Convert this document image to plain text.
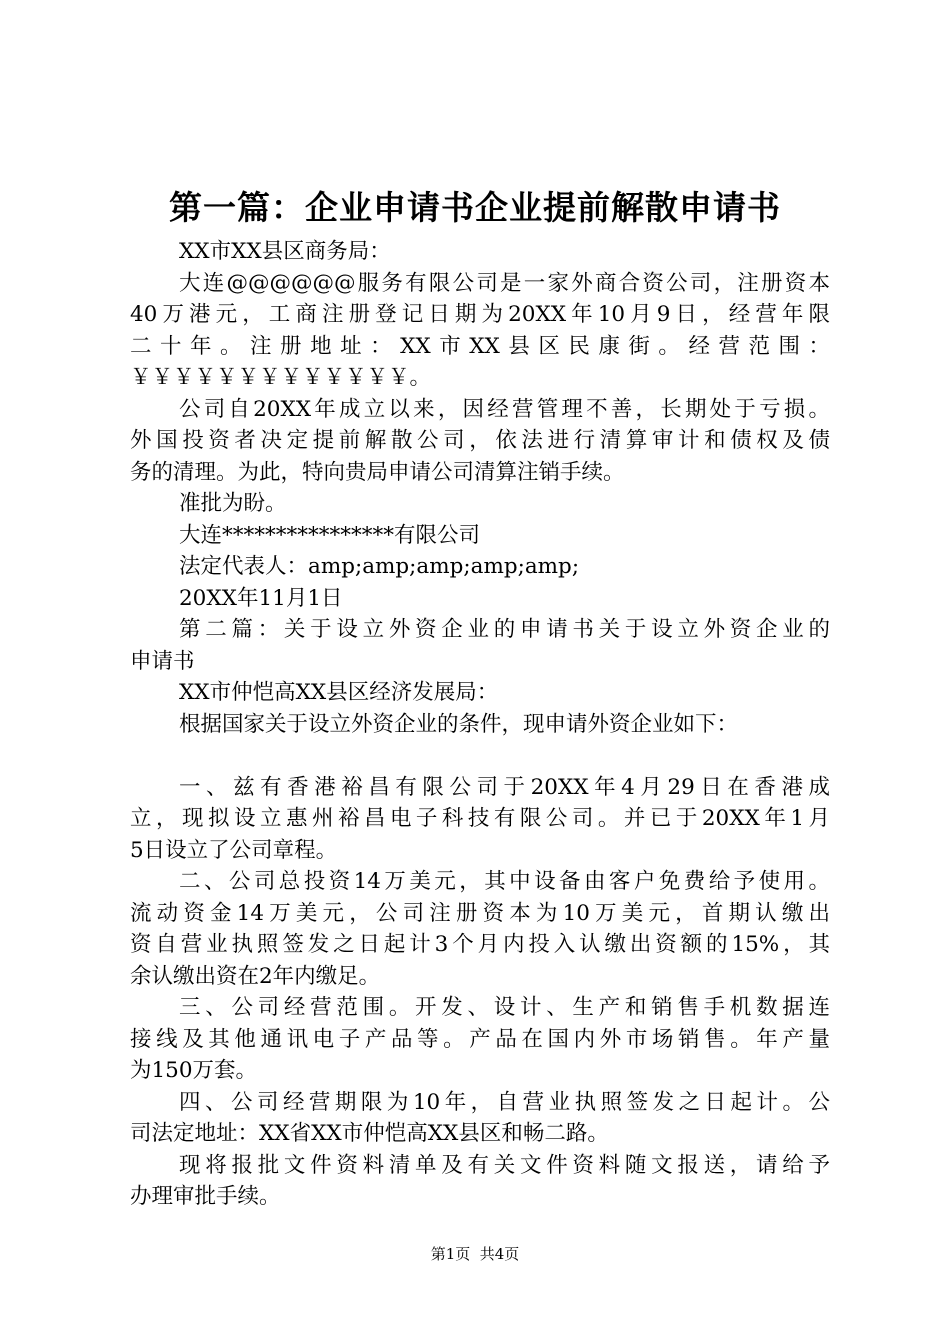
第一篇：企业申请书企业提前解散申请书
XX市XX县区商务局：
大连@@@@@@服务有限公司是一家外商合资公司，注册资本
40万港元，工商注册登记日期为20XX年10月9日，经营年限
二十年。注册地址：XX市XX县区民康街。经营范围：
￥￥￥￥￥￥￥￥￥￥￥￥￥。
公司自20XX年成立以来，因经营管理不善，长期处于亏损。
外国投资者决定提前解散公司，依法进行清算审计和债权及债
务的清理。为此，特向贵局申请公司清算注销手续。
准批为盼。
大连****************有限公司
法定代表人：amp;amp;amp;amp;amp;
20XX年11月1日
第二篇：关于设立外资企业的申请书关于设立外资企业的
申请书
XX市仲恺高XX县区经济发展局：
根据国家关于设立外资企业的条件，现申请外资企业如下：
一、兹有香港裕昌有限公司于20XX年4月29日在香港成
立，现拟设立惠州裕昌电子科技有限公司。并已于20XX年1月
5日设立了公司章程。
二、公司总投资14万美元，其中设备由客户免费给予使用。
流动资金14万美元，公司注册资本为10万美元，首期认缴出
资自营业执照签发之日起计3个月内投入认缴出资额的15%，其
余认缴出资在2年内缴足。
三、公司经营范围。开发、设计、生产和销售手机数据连
接线及其他通讯电子产品等。产品在国内外市场销售。年产量
为150万套。
四、公司经营期限为10年，自营业执照签发之日起计。公
司法定地址：XX省XX市仲恺高XX县区和畅二路。
现将报批文件资料清单及有关文件资料随文报送，请给予
办理审批手续。
第1页  共4页
